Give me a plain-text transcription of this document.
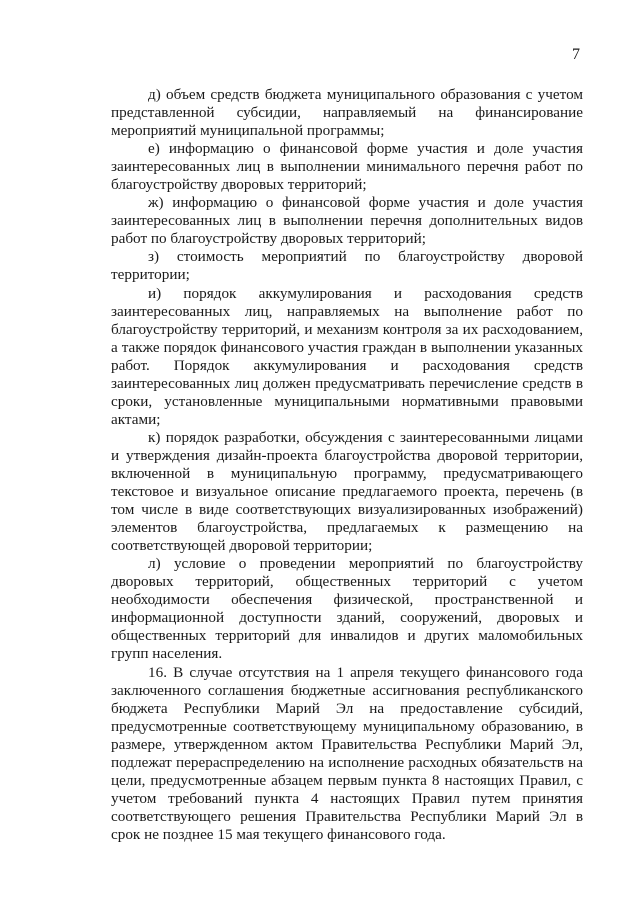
7

д) объем средств бюджета муниципального образования с учетом представленной субсидии, направляемый на финансирование мероприятий муниципальной программы;

е) информацию о финансовой форме участия и доле участия заинтересованных лиц в выполнении минимального перечня работ по благоустройству дворовых территорий;

ж) информацию о финансовой форме участия и доле участия заинтересованных лиц в выполнении перечня дополнительных видов работ по благоустройству дворовых территорий;

з) стоимость мероприятий по благоустройству дворовой территории;

и) порядок аккумулирования и расходования средств заинтересованных лиц, направляемых на выполнение работ по благоустройству территорий, и механизм контроля за их расходованием, а также порядок финансового участия граждан в выполнении указанных работ. Порядок аккумулирования и расходования средств заинтересованных лиц должен предусматривать перечисление средств в сроки, установленные муниципальными нормативными правовыми актами;

к) порядок разработки, обсуждения с заинтересованными лицами и утверждения дизайн-проекта благоустройства дворовой территории, включенной в муниципальную программу, предусматривающего текстовое и визуальное описание предлагаемого проекта, перечень (в том числе в виде соответствующих визуализированных изображений) элементов благоустройства, предлагаемых к размещению на соответствующей дворовой территории;

л) условие о проведении мероприятий по благоустройству дворовых территорий, общественных территорий с учетом необходимости обеспечения физической, пространственной и информационной доступности зданий, сооружений, дворовых и общественных территорий для инвалидов и других маломобильных групп населения.

16. В случае отсутствия на 1 апреля текущего финансового года заключенного соглашения бюджетные ассигнования республиканского бюджета Республики Марий Эл на предоставление субсидий, предусмотренные соответствующему муниципальному образованию, в размере, утвержденном актом Правительства Республики Марий Эл, подлежат перераспределению на исполнение расходных обязательств на цели, предусмотренные абзацем первым пункта 8 настоящих Правил, с учетом требований пункта 4 настоящих Правил путем принятия соответствующего решения Правительства Республики Марий Эл в срок не позднее 15 мая текущего финансового года.
